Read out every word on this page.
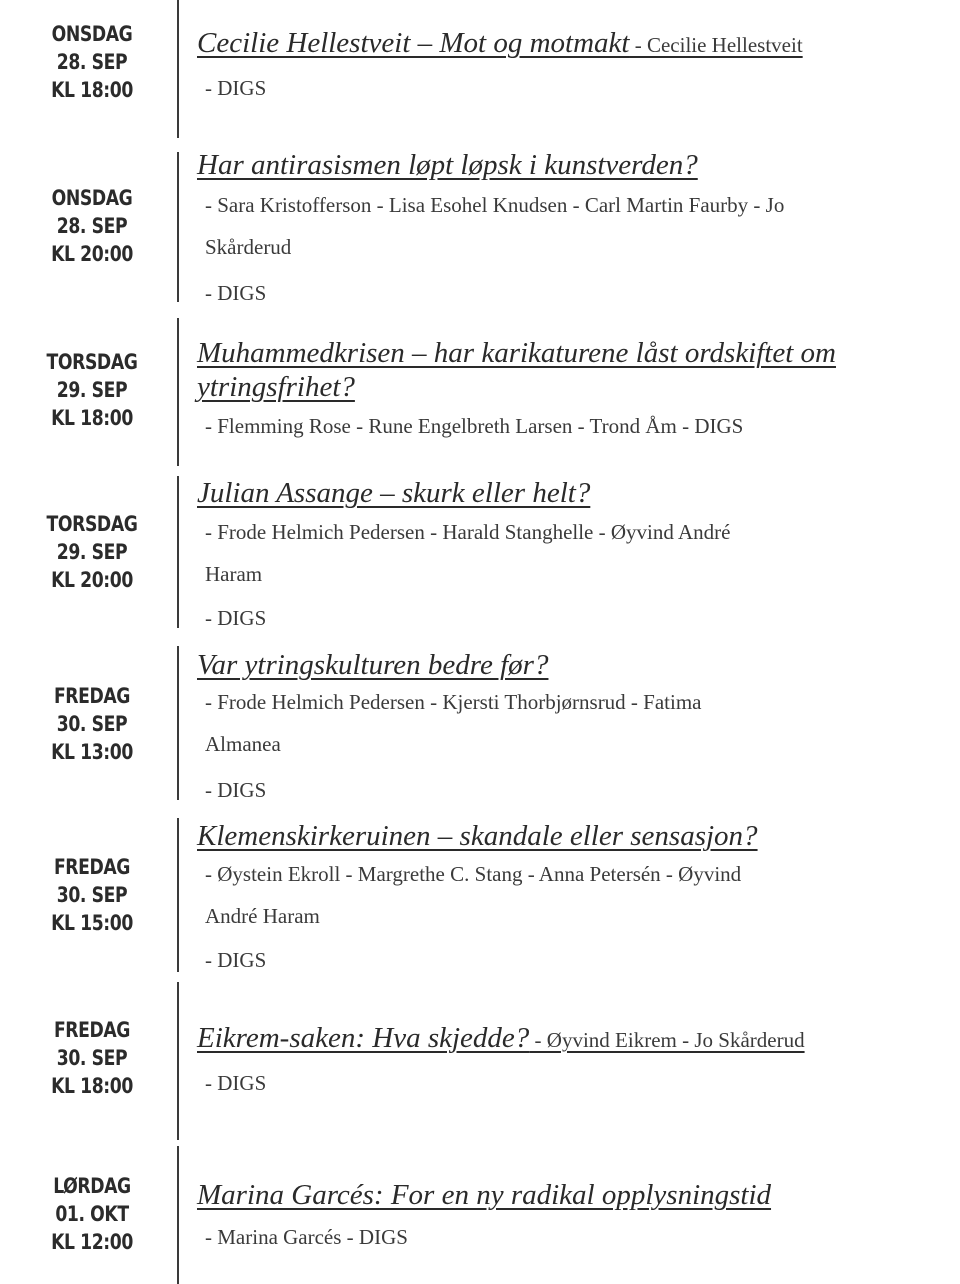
ONSDAG
28. SEP
KL 18:00
Cecilie Hellestveit – Mot og motmakt - Cecilie Hellestveit
- DIGS
ONSDAG
28. SEP
KL 20:00
Har antirasismen løpt løpsk i kunstverden?
- Sara Kristofferson - Lisa Esohel Knudsen - Carl Martin Faurby - Jo
Skårderud
- DIGS
TORSDAG
29. SEP
KL 18:00
Muhammedkrisen – har karikaturene låst ordskiftet om
ytringsfrihet?
- Flemming Rose - Rune Engelbreth Larsen - Trond Åm - DIGS
TORSDAG
29. SEP
KL 20:00
Julian Assange – skurk eller helt?
- Frode Helmich Pedersen - Harald Stanghelle - Øyvind André
Haram
- DIGS
FREDAG
30. SEP
KL 13:00
Var ytringskulturen bedre før?
- Frode Helmich Pedersen - Kjersti Thorbjørnsrud - Fatima
Almanea
- DIGS
FREDAG
30. SEP
KL 15:00
Klemenskirkeruinen – skandale eller sensasjon?
- Øystein Ekroll - Margrethe C. Stang - Anna Petersén - Øyvind
André Haram
- DIGS
FREDAG
30. SEP
KL 18:00
Eikrem-saken: Hva skjedde? - Øyvind Eikrem - Jo Skårderud
- DIGS
LØRDAG
01. OKT
KL 12:00
Marina Garcés: For en ny radikal opplysningstid
- Marina Garcés - DIGS
